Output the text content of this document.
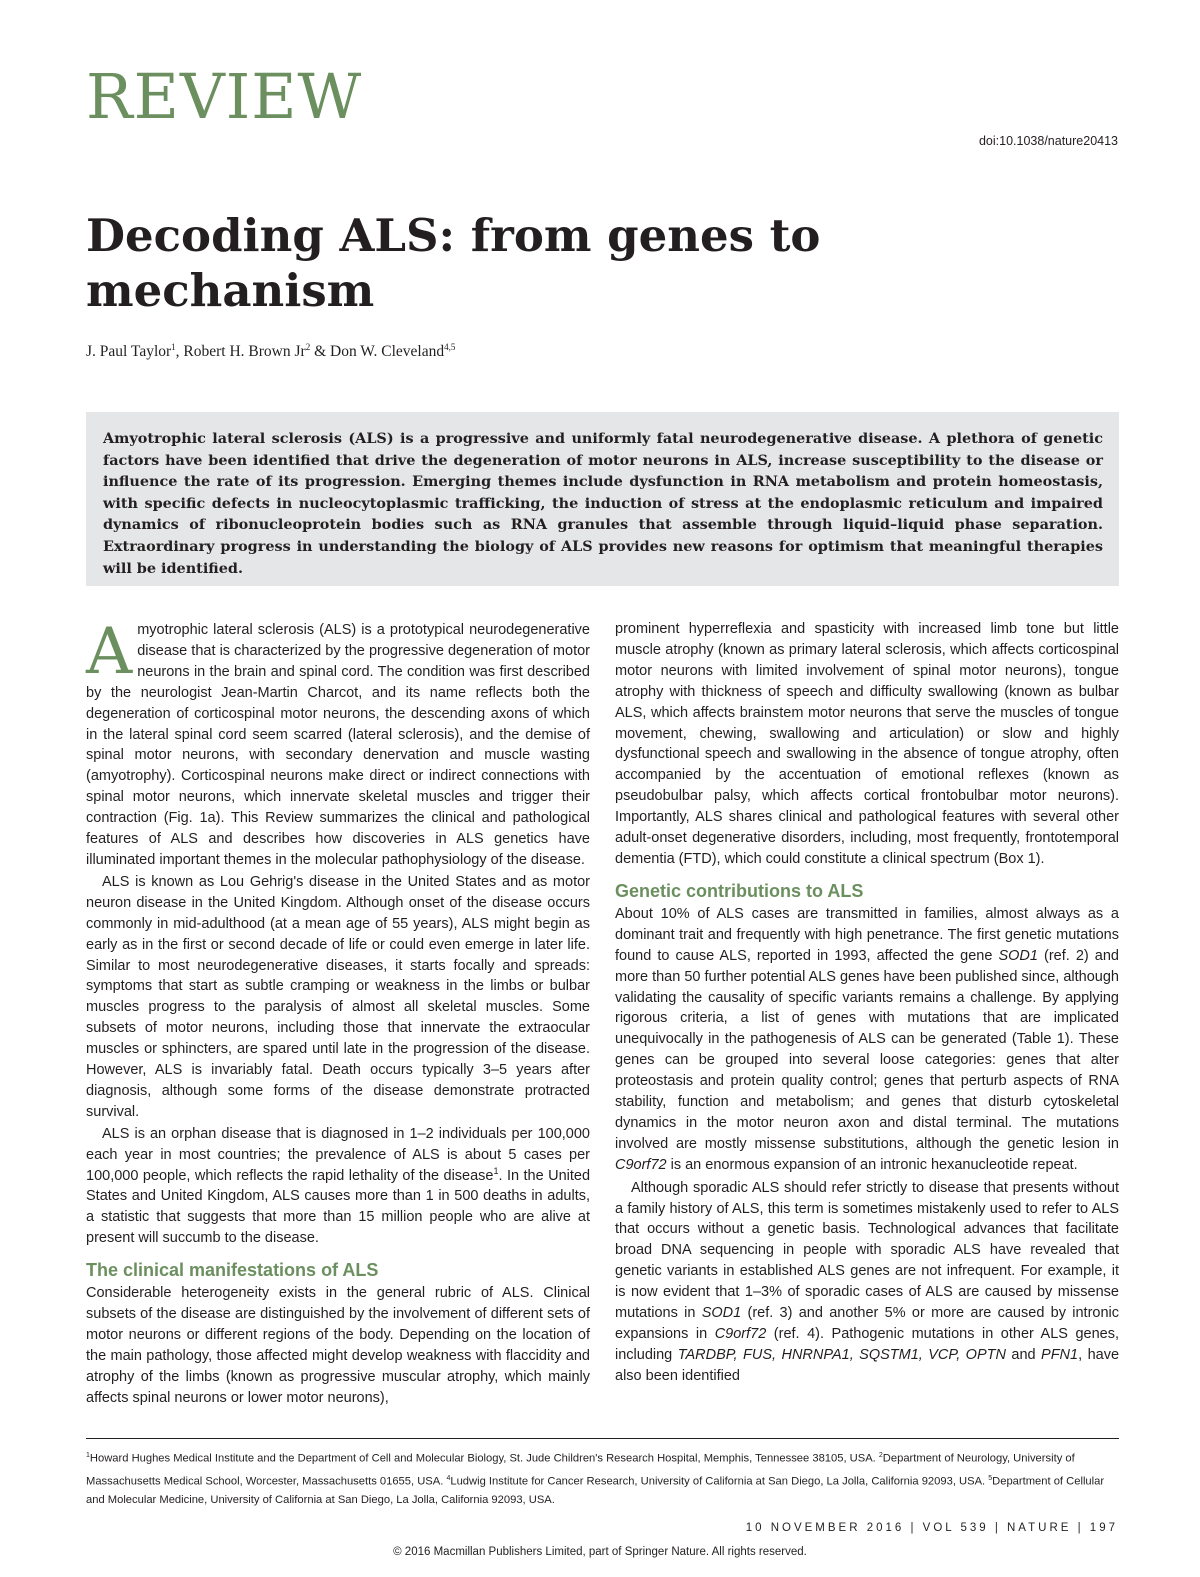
REVIEW
doi:10.1038/nature20413
Decoding ALS: from genes to mechanism
J. Paul Taylor$^1$, Robert H. Brown Jr$^2$ & Don W. Cleveland$^{4,5}$

Amyotrophic lateral sclerosis (ALS) is a progressive and uniformly fatal neurodegenerative disease. A plethora of genetic factors have been identified that drive the degeneration of motor neurons in ALS, increase susceptibility to the disease or influence the rate of its progression. Emerging themes include dysfunction in RNA metabolism and protein homeostasis, with specific defects in nucleocytoplasmic trafficking, the induction of stress at the endoplasmic reticulum and impaired dynamics of ribonucleoprotein bodies such as RNA granules that assemble through liquid–liquid phase separation. Extraordinary progress in understanding the biology of ALS provides new reasons for optimism that meaningful therapies will be identified.

Amyotrophic lateral sclerosis (ALS) is a prototypical neurodegenerative disease that is characterized by the progressive degeneration of motor neurons in the brain and spinal cord. The condition was first described by the neurologist Jean-Martin Charcot, and its name reflects both the degeneration of corticospinal motor neurons, the descending axons of which in the lateral spinal cord seem scarred (lateral sclerosis), and the demise of spinal motor neurons, with secondary denervation and muscle wasting (amyotrophy). Corticospinal neurons make direct or indirect connections with spinal motor neurons, which innervate skeletal muscles and trigger their contraction (Fig. 1a). This Review summarizes the clinical and pathological features of ALS and describes how discoveries in ALS genetics have illuminated important themes in the molecular pathophysiology of the disease.

ALS is known as Lou Gehrig's disease in the United States and as motor neuron disease in the United Kingdom. Although onset of the disease occurs commonly in mid-adulthood (at a mean age of 55 years), ALS might begin as early as in the first or second decade of life or could even emerge in later life. Similar to most neurodegenerative diseases, it starts focally and spreads: symptoms that start as subtle cramping or weakness in the limbs or bulbar muscles progress to the paralysis of almost all skeletal muscles. Some subsets of motor neurons, including those that innervate the extraocular muscles or sphincters, are spared until late in the progression of the disease. However, ALS is invariably fatal. Death occurs typically 3–5 years after diagnosis, although some forms of the disease demonstrate protracted survival.

ALS is an orphan disease that is diagnosed in 1–2 individuals per 100,000 each year in most countries; the prevalence of ALS is about 5 cases per 100,000 people, which reflects the rapid lethality of the disease$^1$. In the United States and United Kingdom, ALS causes more than 1 in 500 deaths in adults, a statistic that suggests that more than 15 million people who are alive at present will succumb to the disease.

The clinical manifestations of ALS

Considerable heterogeneity exists in the general rubric of ALS. Clinical subsets of the disease are distinguished by the involvement of different sets of motor neurons or different regions of the body. Depending on the location of the main pathology, those affected might develop weakness with flaccidity and atrophy of the limbs (known as progressive muscular atrophy, which mainly affects spinal neurons or lower motor neurons),

prominent hyperreflexia and spasticity with increased limb tone but little muscle atrophy (known as primary lateral sclerosis, which affects corticospinal motor neurons with limited involvement of spinal motor neurons), tongue atrophy with thickness of speech and difficulty swallowing (known as bulbar ALS, which affects brainstem motor neurons that serve the muscles of tongue movement, chewing, swallowing and articulation) or slow and highly dysfunctional speech and swallowing in the absence of tongue atrophy, often accompanied by the accentuation of emotional reflexes (known as pseudobulbar palsy, which affects cortical frontobulbar motor neurons). Importantly, ALS shares clinical and pathological features with several other adult-onset degenerative disorders, including, most frequently, frontotemporal dementia (FTD), which could constitute a clinical spectrum (Box 1).

Genetic contributions to ALS

About 10% of ALS cases are transmitted in families, almost always as a dominant trait and frequently with high penetrance. The first genetic mutations found to cause ALS, reported in 1993, affected the gene SOD1 (ref. 2) and more than 50 further potential ALS genes have been published since, although validating the causality of specific variants remains a challenge. By applying rigorous criteria, a list of genes with mutations that are implicated unequivocally in the pathogenesis of ALS can be generated (Table 1). These genes can be grouped into several loose categories: genes that alter proteostasis and protein quality control; genes that perturb aspects of RNA stability, function and metabolism; and genes that disturb cytoskeletal dynamics in the motor neuron axon and distal terminal. The mutations involved are mostly missense substitutions, although the genetic lesion in C9orf72 is an enormous expansion of an intronic hexanucleotide repeat.

Although sporadic ALS should refer strictly to disease that presents without a family history of ALS, this term is sometimes mistakenly used to refer to ALS that occurs without a genetic basis. Technological advances that facilitate broad DNA sequencing in people with sporadic ALS have revealed that genetic variants in established ALS genes are not infrequent. For example, it is now evident that 1–3% of sporadic cases of ALS are caused by missense mutations in SOD1 (ref. 3) and another 5% or more are caused by intronic expansions in C9orf72 (ref. 4). Pathogenic mutations in other ALS genes, including TARDBP, FUS, HNRNPA1, SQSTM1, VCP, OPTN and PFN1, have also been identified

$^1$Howard Hughes Medical Institute and the Department of Cell and Molecular Biology, St. Jude Children's Research Hospital, Memphis, Tennessee 38105, USA. $^2$Department of Neurology, University of Massachusetts Medical School, Worcester, Massachusetts 01655, USA. $^4$Ludwig Institute for Cancer Research, University of California at San Diego, La Jolla, California 92093, USA. $^5$Department of Cellular and Molecular Medicine, University of California at San Diego, La Jolla, California 92093, USA.
10 NOVEMBER 2016 | VOL 539 | NATURE | 197
© 2016 Macmillan Publishers Limited, part of Springer Nature. All rights reserved.
